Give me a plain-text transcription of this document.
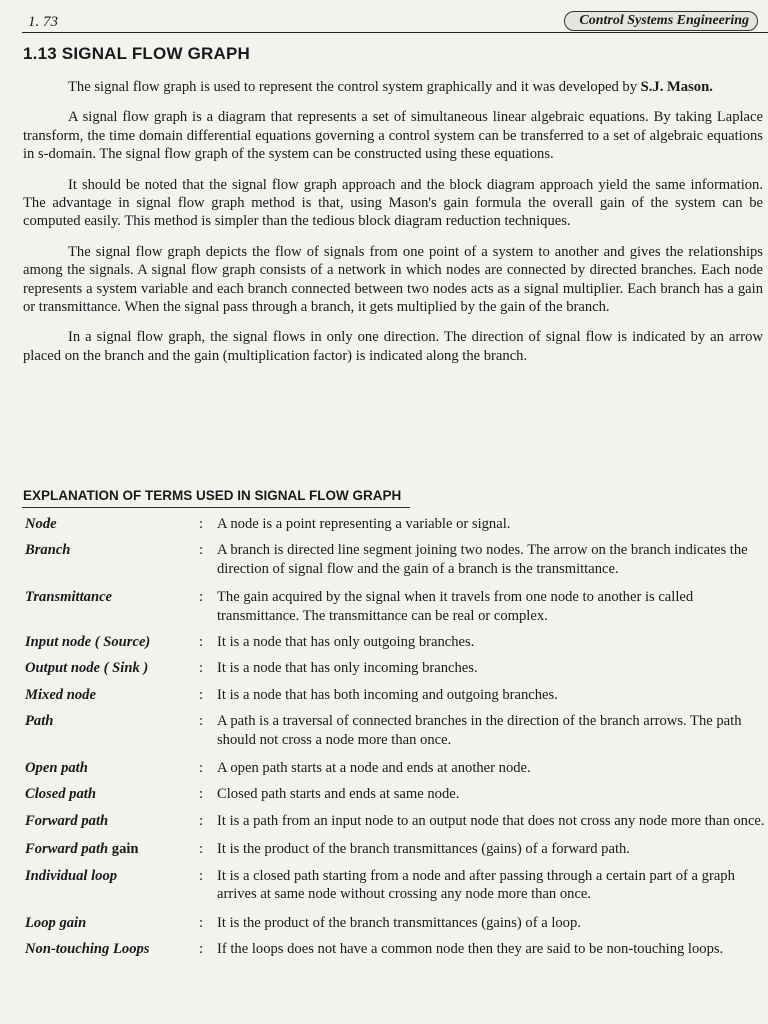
1. 73	Control Systems Engineering
1.13 SIGNAL FLOW GRAPH

The signal flow graph is used to represent the control system graphically and it was developed by S.J. Mason.

A signal flow graph is a diagram that represents a set of simultaneous linear algebraic equations. By taking Laplace transform, the time domain differential equations governing a control system can be transferred to a set of algebraic equations in s-domain. The signal flow graph of the system can be constructed using these equations.

It should be noted that the signal flow graph approach and the block diagram approach yield the same information. The advantage in signal flow graph method is that, using Mason's gain formula the overall gain of the system can be computed easily. This method is simpler than the tedious block diagram reduction techniques.

The signal flow graph depicts the flow of signals from one point of a system to another and gives the relationships among the signals. A signal flow graph consists of a network in which nodes are connected by directed branches. Each node represents a system variable and each branch connected between two nodes acts as a signal multiplier. Each branch has a gain or transmittance. When the signal pass through a branch, it gets multiplied by the gain of the branch.

In a signal flow graph, the signal flows in only one direction. The direction of signal flow is indicated by an arrow placed on the branch and the gain (multiplication factor) is indicated along the branch.

EXPLANATION OF TERMS USED IN SIGNAL FLOW GRAPH
Node	: A node is a point representing a variable or signal.
Branch	: A branch is directed line segment joining two nodes. The arrow on the branch indicates the direction of signal flow and the gain of a branch is the transmittance.
Transmittance	: The gain acquired by the signal when it travels from one node to another is called transmittance. The transmittance can be real or complex.
Input node ( Source)	: It is a node that has only outgoing branches.
Output node ( Sink )	: It is a node that has only incoming branches.
Mixed node	: It is a node that has both incoming and outgoing branches.
Path	: A path is a traversal of connected branches in the direction of the branch arrows. The path should not cross a node more than once.
Open path	: A open path starts at a node and ends at another node.
Closed path	: Closed path starts and ends at same node.
Forward path	: It is a path from an input node to an output node that does not cross any node more than once.
Forward path gain	: It is the product of the branch transmittances (gains) of a forward path.
Individual loop	: It is a closed path starting from a node and after passing through a certain part of a graph arrives at same node without crossing any node more than once.
Loop gain	: It is the product of the branch transmittances (gains) of a loop.
Non-touching Loops	: If the loops does not have a common node then they are said to be non-touching loops.
